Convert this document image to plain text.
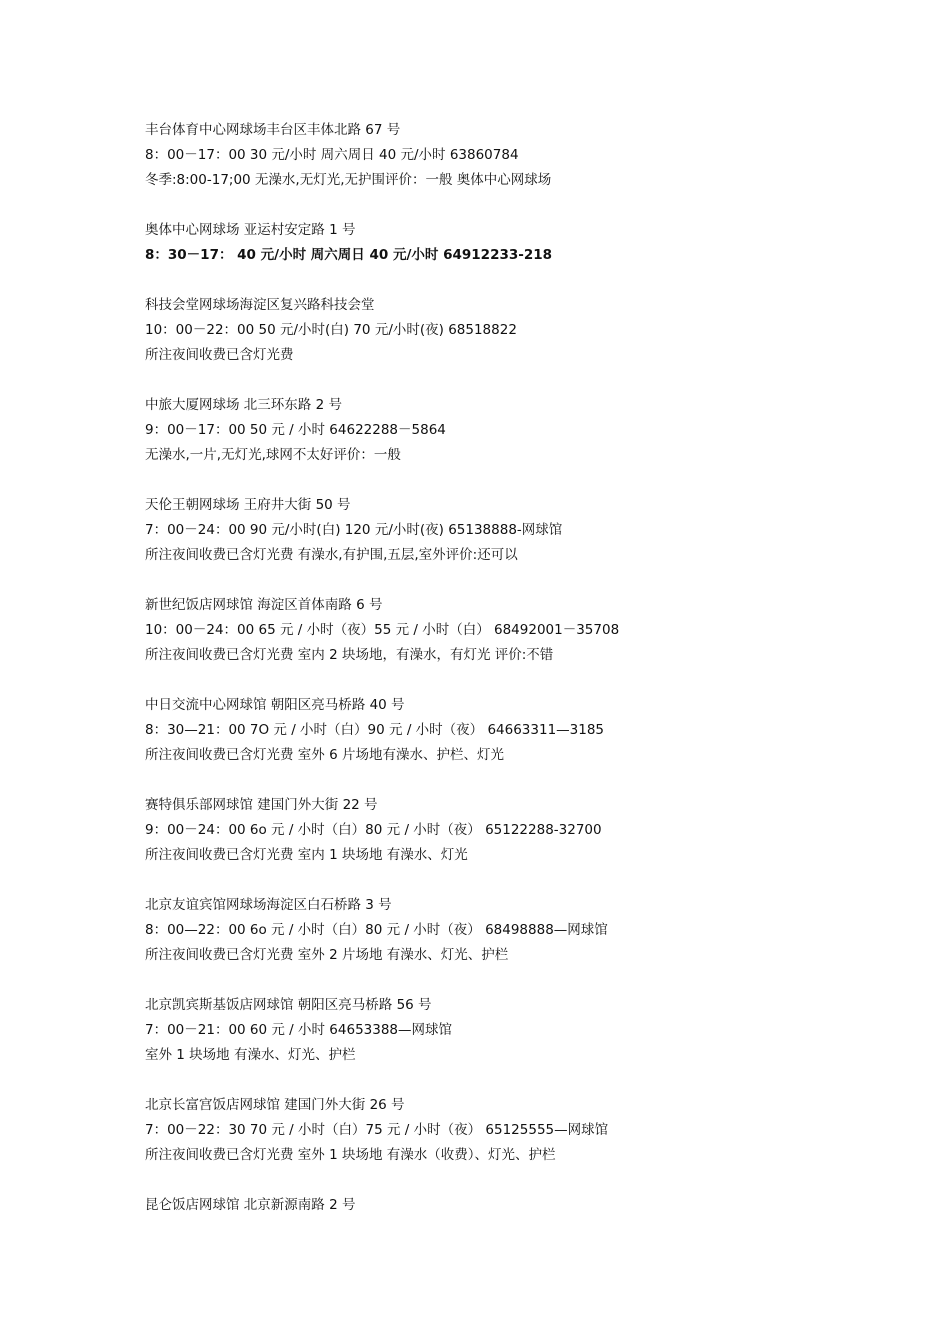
丰台体育中心网球场丰台区丰体北路 67 号
8：00－17：00 30 元/小时 周六周日 40 元/小时 63860784
冬季:8:00-17;00 无澡水,无灯光,无护围评价：一般 奥体中心网球场
奥体中心网球场 亚运村安定路 1 号
8：30－17： 40 元/小时 周六周日 40 元/小时 64912233-218
科技会堂网球场海淀区复兴路科技会堂
10：00－22：00 50 元/小时(白) 70 元/小时(夜) 68518822
所注夜间收费已含灯光费
中旅大厦网球场 北三环东路 2 号
9：00－17：00 50 元 / 小时 64622288－5864
无澡水,一片,无灯光,球网不太好评价：一般
天伦王朝网球场 王府井大街 50 号
7：00－24：00 90 元/小时(白) 120 元/小时(夜) 65138888-网球馆
所注夜间收费已含灯光费 有澡水,有护围,五层,室外评价:还可以
新世纪饭店网球馆 海淀区首体南路 6 号
10：00－24：00 65 元 / 小时（夜）55 元 / 小时（白） 68492001－35708
所注夜间收费已含灯光费 室内 2 块场地，有澡水，有灯光 评价:不错
中日交流中心网球馆 朝阳区亮马桥路 40 号
8：30—21：00 7O 元 / 小时（白）90 元 / 小时（夜） 64663311—3185
所注夜间收费已含灯光费 室外 6 片场地有澡水、护栏、灯光
赛特俱乐部网球馆 建国门外大街 22 号
9：00－24：00 6o 元 / 小时（白）80 元 / 小时（夜） 65122288-32700
所注夜间收费已含灯光费 室内 1 块场地 有澡水、灯光
北京友谊宾馆网球场海淀区白石桥路 3 号
8：00—22：00 6o 元 / 小时（白）80 元 / 小时（夜） 68498888—网球馆
所注夜间收费已含灯光费 室外 2 片场地 有澡水、灯光、护栏
北京凯宾斯基饭店网球馆 朝阳区亮马桥路 56 号
7：00－21：00 60 元 / 小时 64653388—网球馆
室外 1 块场地 有澡水、灯光、护栏
北京长富宫饭店网球馆 建国门外大街 26 号
7：00－22：30 70 元 / 小时（白）75 元 / 小时（夜） 65125555—网球馆
所注夜间收费已含灯光费 室外 1 块场地 有澡水（收费）、灯光、护栏
昆仑饭店网球馆 北京新源南路 2 号
